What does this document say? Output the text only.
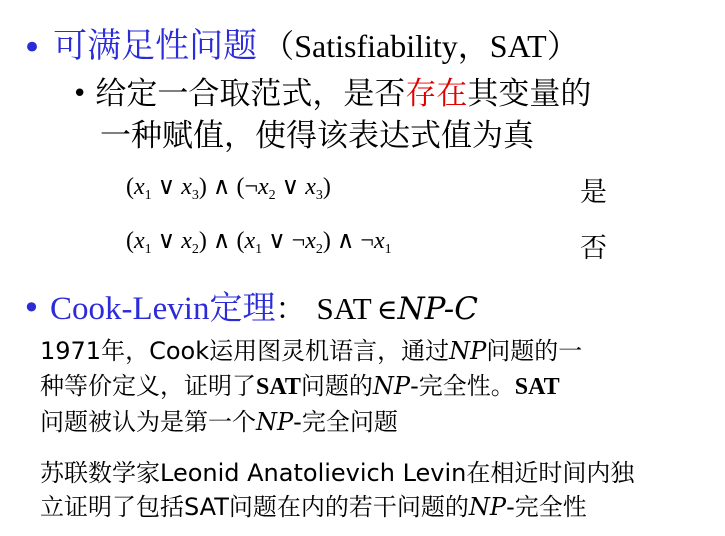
• 可满足性问题 （Satisfiability，SAT）
• 给定一合取范式，是否存在其变量的
一种赋值，使得该表达式值为真
($x_1$ ∨ $x_3$) ∧ ($\neg x_2$ ∨ $x_3$)	是
($x_1$ ∨ $x_2$) ∧ ($x_1$ ∨ $\neg x_2$) ∧ $\neg x_1$	否
• Cook-Levin定理： SAT ∈NP-C
1971年，Cook运用图灵机语言，通过NP问题的一
种等价定义，证明了SAT问题的NP-完全性。SAT
问题被认为是第一个NP-完全问题
苏联数学家Leonid Anatolievich Levin在相近时间内独
立证明了包括SAT问题在内的若干问题的NP-完全性
